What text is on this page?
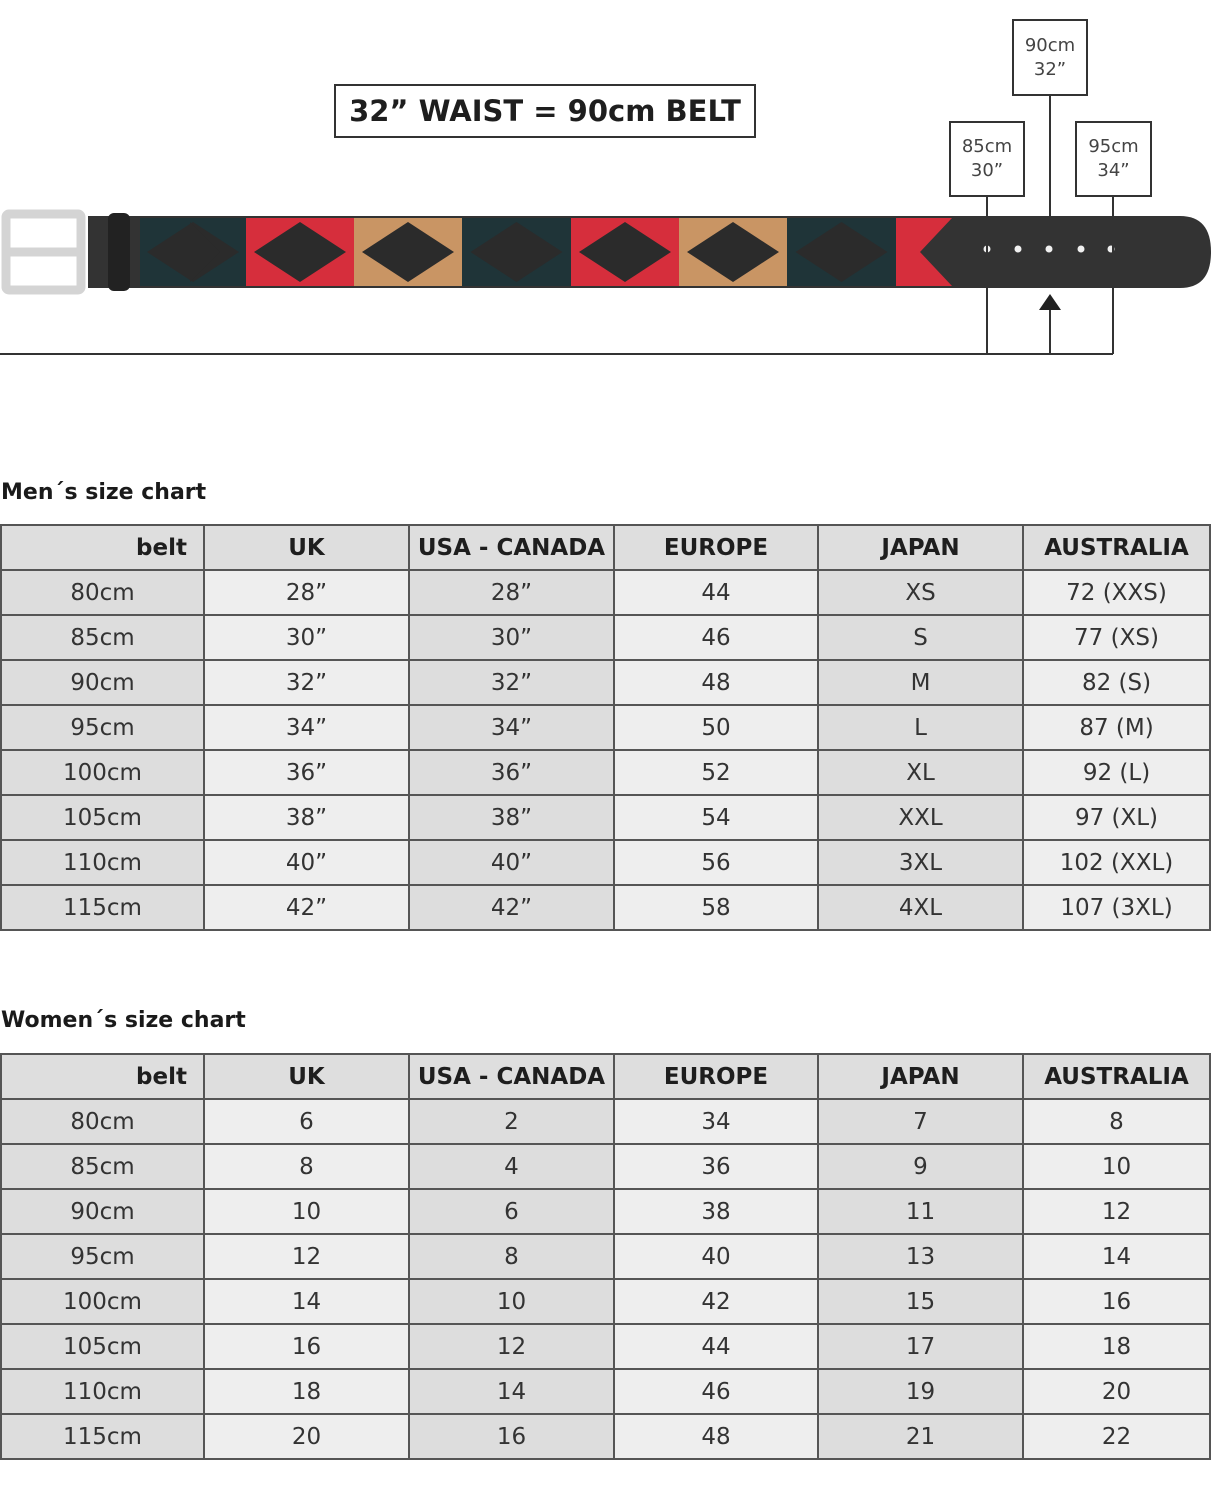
32” WAIST = 90cm BELT
90cm
32”
85cm
30”
95cm
34”
Men´s size chart
belt	UK	USA - CANADA	EUROPE	JAPAN	AUSTRALIA
80cm	28”	28”	44	XS	72 (XXS)
85cm	30”	30”	46	S	77 (XS)
90cm	32”	32”	48	M	82 (S)
95cm	34”	34”	50	L	87 (M)
100cm	36”	36”	52	XL	92 (L)
105cm	38”	38”	54	XXL	97 (XL)
110cm	40”	40”	56	3XL	102 (XXL)
115cm	42”	42”	58	4XL	107 (3XL)
Women´s size chart
belt	UK	USA - CANADA	EUROPE	JAPAN	AUSTRALIA
80cm	6	2	34	7	8
85cm	8	4	36	9	10
90cm	10	6	38	11	12
95cm	12	8	40	13	14
100cm	14	10	42	15	16
105cm	16	12	44	17	18
110cm	18	14	46	19	20
115cm	20	16	48	21	22
